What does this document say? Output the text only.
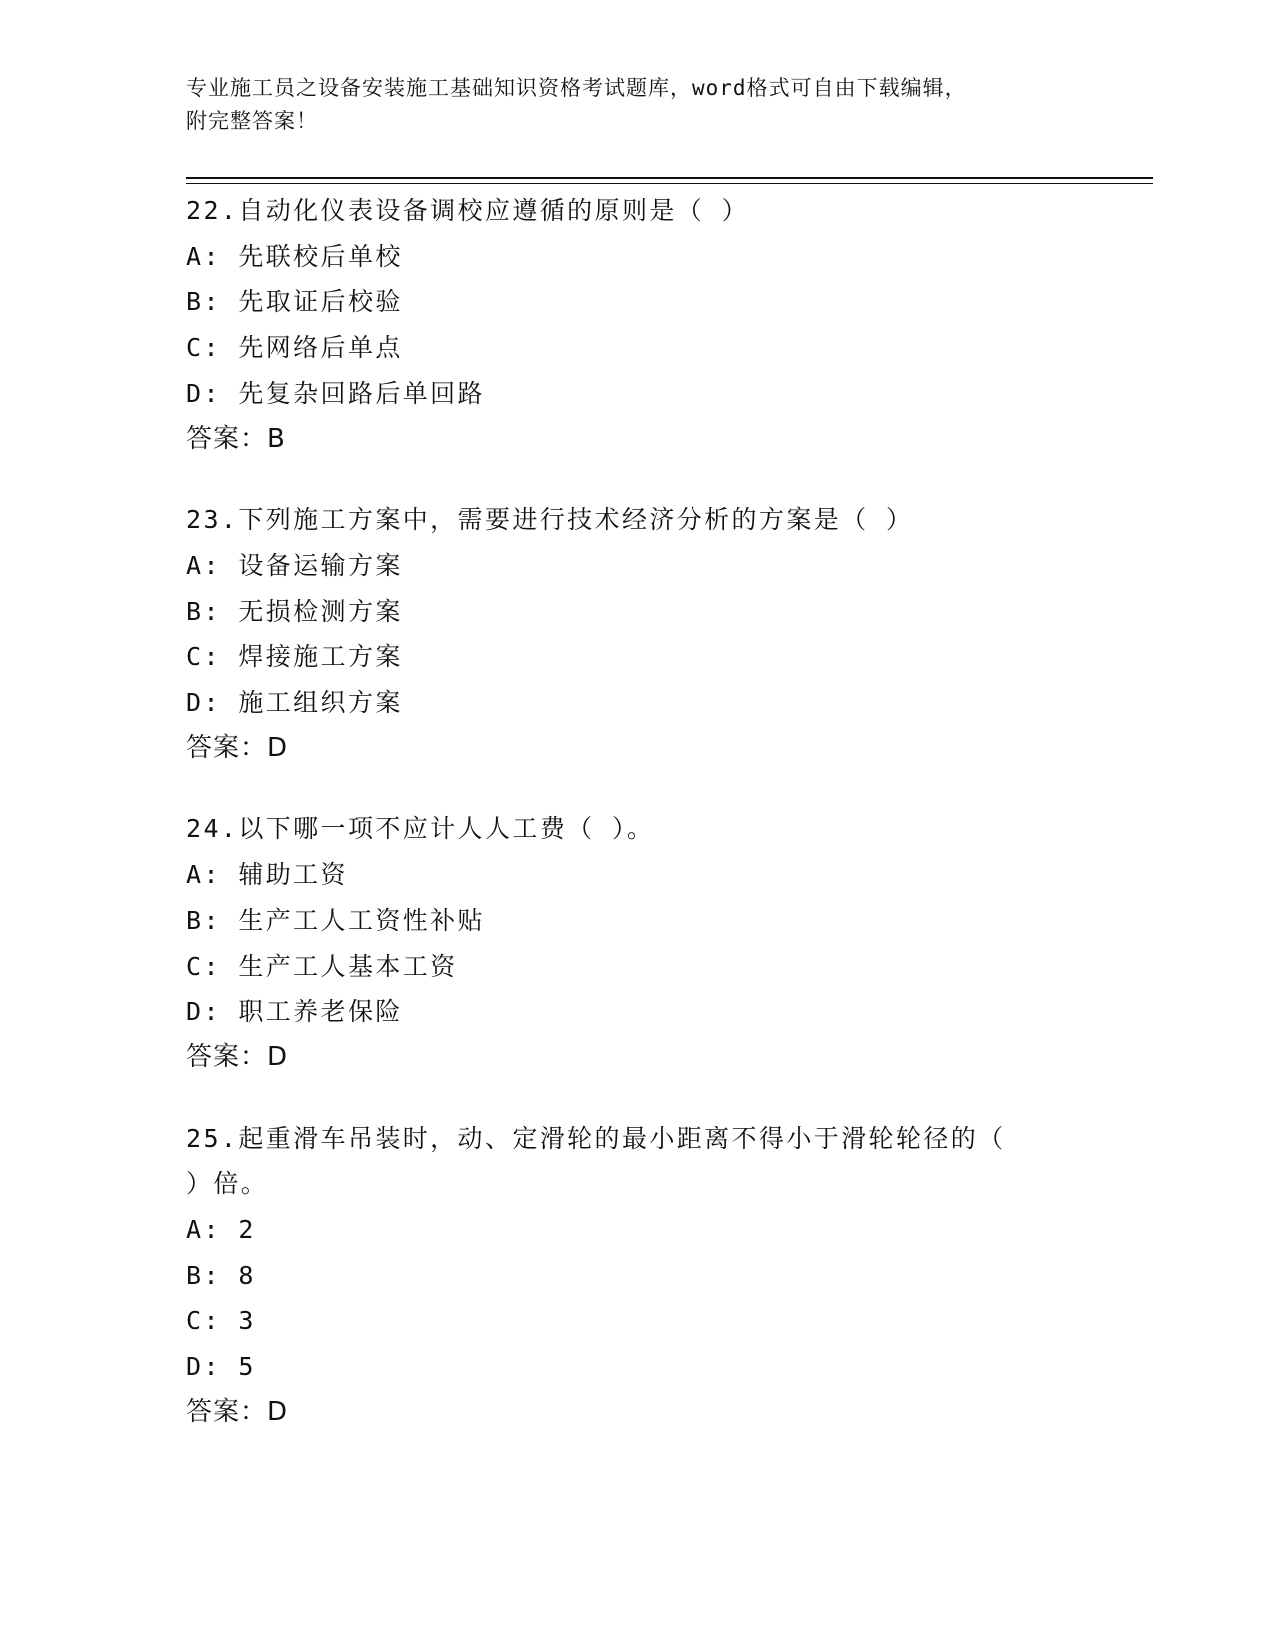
专业施工员之设备安装施工基础知识资格考试题库，word格式可自由下载编辑，
附完整答案！
22.自动化仪表设备调校应遵循的原则是（ ）
A: 先联校后单校
B: 先取证后校验
C: 先网络后单点
D: 先复杂回路后单回路
答案：B
23.下列施工方案中，需要进行技术经济分析的方案是（ ）
A: 设备运输方案
B: 无损检测方案
C: 焊接施工方案
D: 施工组织方案
答案：D
24.以下哪一项不应计人人工费（ ）。
A: 辅助工资
B: 生产工人工资性补贴
C: 生产工人基本工资
D: 职工养老保险
答案：D
25.起重滑车吊装时，动、定滑轮的最小距离不得小于滑轮轮径的（
）倍。
A: 2
B: 8
C: 3
D: 5
答案：D
